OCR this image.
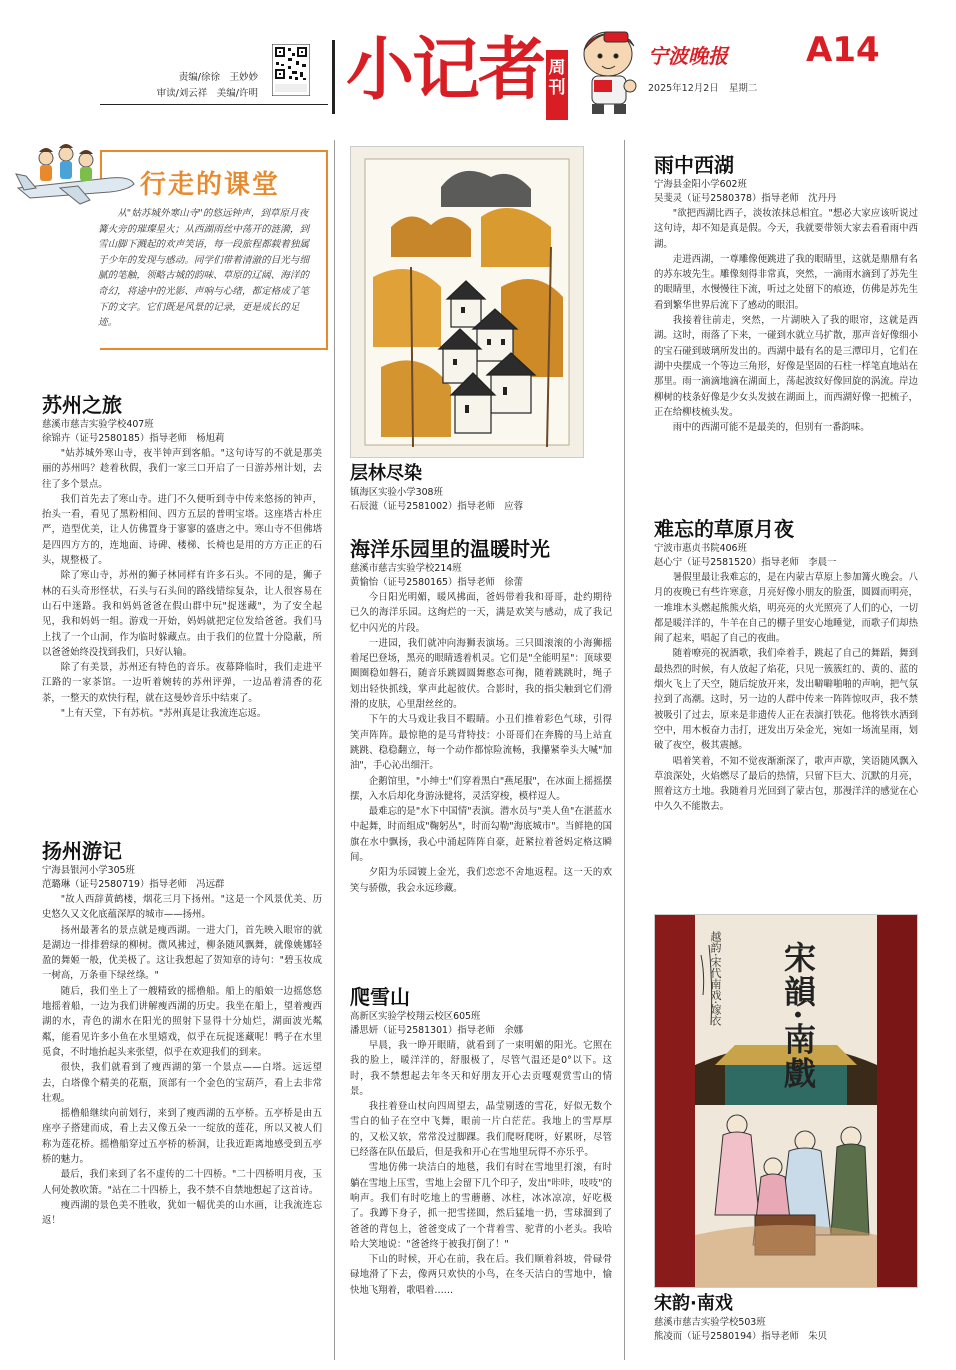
责编/徐徐　王妙妙
审读/刘云祥　美编/许明 小记者 周刊
宁波晚报
2025年12月2日 星期二
A14
行走的课堂
从"姑苏城外寒山寺"的悠远钟声，到草原月夜篝火旁的璀璨星火；从西湖雨丝中荡开的涟漪，到雪山脚下溅起的欢声笑语，每一段旅程都载着独属于少年的发现与感动。同学们带着清澈的目光与细腻的笔触，领略古城的韵味、草原的辽阔、海洋的奇幻，将途中的光影、声响与心绪，都定格成了笔下的文字。它们既是风景的记录，更是成长的足迹。
苏州之旅
慈溪市慈吉实验学校407班
徐锦卉（证号2580185）指导老师　杨旭莉

"姑苏城外寒山寺，夜半钟声到客船。"这句诗写的不就是那美丽的苏州吗？趁着秋假，我们一家三口开启了一日游苏州计划，去往了多个景点。

我们首先去了寒山寺。进门不久便听到寺中传来悠扬的钟声，抬头一看，看见了黑粉相间、四方五层的普明宝塔。这座塔古朴庄严，造型优美，让人仿佛置身于寥寥的盛唐之中。寒山寺不但佛塔是四四方方的，连地面、诗碑、楼梯、长椅也是用的方方正正的石头，规整极了。

除了寒山寺，苏州的狮子林同样有许多石头。不同的是，狮子林的石头奇形怪状，石头与石头间的路线错综复杂，让人很容易在山石中迷路。我和妈妈爸爸在假山群中玩"捉迷藏"，为了安全起见，我和妈妈一组。游戏一开始，妈妈就把定位发给爸爸。我们马上找了一个山洞，作为临时躲藏点。由于我们的位置十分隐蔽，所以爸爸始终没找到我们，只好认输。

除了有美景，苏州还有特色的音乐。夜幕降临时，我们走进平江路的一家茶馆。一边听着婉转的苏州评弹，一边品着清香的花茶，一整天的欢快行程，就在这曼妙音乐中结束了。

"上有天堂，下有苏杭。"苏州真是让我流连忘返。

扬州游记
宁海县银河小学305班
范璐琳（证号2580719）指导老师　冯远群

"故人西辞黄鹤楼，烟花三月下扬州。"这是一个风景优美、历史悠久又文化底蕴深厚的城市——扬州。

扬州最著名的景点就是瘦西湖。一进大门，首先映入眼帘的就是湖边一排排碧绿的柳树。微风拂过，柳条随风飘舞，就像姚娜轻盈的舞姬一般，优美极了。这让我想起了贺知章的诗句："碧玉妆成一树高，万条垂下绿丝绦。"

随后，我们坐上了一艘精致的摇橹船。船上的船娘一边摇悠悠地摇着船，一边为我们讲解瘦西湖的历史。我坐在船上，望着瘦西湖的水，青色的湖水在阳光的照射下显得十分灿烂，湖面波光粼粼，能看见许多小鱼在水里嬉戏，似乎在玩捉迷藏呢！鸭子在水里觅食，不时地抬起头来张望，似乎在欢迎我们的到来。

很快，我们就看到了瘦西湖的第一个景点——白塔。远远望去，白塔像个精美的花瓶，顶部有一个金色的宝葫芦，看上去非常壮观。

摇橹船继续向前划行，来到了瘦西湖的五亭桥。五亭桥是由五座亭子搭建而成，看上去又像五朵一一绽放的莲花，所以又被人们称为莲花桥。摇橹船穿过五亭桥的桥洞，让我近距离地感受到五亭桥的魅力。

最后，我们来到了名不虚传的二十四桥。"二十四桥明月夜，玉人何处教吹箫。"站在二十四桥上，我不禁不自禁地想起了这首诗。

瘦西湖的景色美不胜收，犹如一幅优美的山水画，让我流连忘返！

层林尽染
镇海区实验小学308班
石辰滋（证号2581002）指导老师　应蓉
海洋乐园里的温暖时光
慈溪市慈吉实验学校214班
黄愉怡（证号2580165）指导老师　徐蕾

今日阳光明媚，暖风拂面，爸妈带着我和哥哥，赴约期待已久的海洋乐园。这绚烂的一天，满是欢笑与感动，成了我记忆中闪光的片段。

一进园，我们就冲向海狮表演场。三只圆滚滚的小海狮摇着尾巴登场，黑亮的眼睛透着机灵。它们是"全能明星"：顶球要圈圈稳如磐石，随音乐跳圆圆舞憨态可掬，随着跳跳时，绳子划出轻快抓线，掌声此起彼伏。合影时，我的指尖触到它们滑滑的皮肤，心里甜丝丝的。

下午的大马戏让我目不暇睛。小丑们推着彩色气球，引得笑声阵阵。最惊艳的是马背特技：小哥哥们在奔腾的马上站直跳跳、稳稳翻立，每一个动作都惊险流畅，我攥紧拳头大喊"加油"，手心沁出细汗。

企鹅馆里，"小绅士"们穿着黑白"燕尾服"，在冰面上摇摇摆摆，入水后却化身游泳健将，灵活穿梭，模样逗人。

最难忘的是"水下中国情"表演。潜水员与"美人鱼"在湛蓝水中起舞，时而组成"鞠躬丛"，时而勾勒"海底城市"。当鲜艳的国旗在水中飘扬，我心中涌起阵阵自豪，赶紧拉着爸妈定格这瞬间。

夕阳为乐园镀上金光，我们恋恋不舍地返程。这一天的欢笑与骄傲，我会永远珍藏。

爬雪山
高新区实验学校翔云校区605班
潘思妍（证号2581301）指导老师　余娜

早晨，我一睁开眼睛，就看到了一束明媚的阳光。它照在我的脸上，暖洋洋的，舒服极了，尽管气温还是0°以下。这时，我不禁想起去年冬天和好朋友开心去贡嘎观赏雪山的情景。

我拄着登山杖向四周望去，晶莹剔透的雪花，好似无数个雪白的仙子在空中飞舞，眼前一片白茫茫。我地上的雪厚厚的，又松又软，常常没过脚踝。我们爬呀爬呀，好累呀，尽管已经落在队伍最后，但是我和开心在雪地里玩得不亦乐乎。

雪地仿佛一块洁白的地毯，我们有时在雪地里打滚，有时躺在雪地上压雪，雪地上会留下几个印子，发出"咔咔，吱吱"的响声。我们有时吃地上的雪蘑蘑、冰柱，冰冰凉凉，好吃极了。我蹲下身子，抓一把雪搓圆，然后猛地一扔，雪球溜到了爸爸的背包上，爸爸变成了一个背着雪、驼背的小老头。我哈哈大笑地说："爸爸终于被我打倒了！"

下山的时候，开心在前，我在后。我们顺着斜坡，骨碌骨碌地滑了下去，像两只欢快的小鸟，在冬天洁白的雪地中，愉快地飞翔着，歌唱着……

雨中西湖
宁海县金阳小学602班
吴斐灵（证号2580378）指导老师　沈丹丹

"欲把西湖比西子，淡妆浓抹总相宜。"想必大家应该听说过这句诗，却不知是真是假。今天，我就要带领大家去看看雨中西湖。

走进西湖，一尊雕像便跳进了我的眼睛里，这就是鼎鼎有名的苏东坡先生。雕像刻得非常真，突然，一滴雨水滴到了苏先生的眼睛里，水慢慢往下流，听过之处留下的痕迹，仿佛是苏先生看到繁华世界后流下了感动的眼泪。

我接着往前走，突然，一片湖映入了我的眼帘，这就是西湖。这时，雨落了下来，一碰到水就立马扩散，那声音好像细小的宝石碰到玻璃所发出的。西湖中最有名的是三潭印月，它们在湖中央摆成一个等边三角形，好像是坚固的石柱一样笔直地站在那里。雨一滴滴地滴在湖面上，荡起波纹好像回旋的涡流。岸边柳树的枝条好像是少女头发披在湖面上，而西湖好像一把梳子，正在给柳枝梳头发。

雨中的西湖可能不是最美的，但别有一番韵味。

难忘的草原月夜
宁波市惠贞书院406班
赵心宁（证号2581520）指导老师　李晨一

暑假里最让我难忘的，是在内蒙古草原上参加篝火晚会。八月的夜晚已有些许寒意，月亮好像小朋友的脸蛋，圆圆而明亮，一堆堆木头燃起熊熊火焰，明亮亮的火光照亮了人们的心，一切都是暖洋洋的，牛羊在自己的棚子里安心地睡觉，而歌子们却热闹了起来，唱起了自己的夜曲。

随着嘹亮的祝酒歌，我们牵着手，跳起了自己的舞蹈，舞到最热烈的时候，有人放起了焰花，只见一簇簇红的、黄的、蓝的烟火飞上了天空，随后绽放开来，发出噼噼啪啪的声响，把气氛拉到了高潮。这时，另一边的人群中传来一阵阵惊叹声，我不禁被吸引了过去，原来是非遗传人正在表演打铁花。他将铁水洒到空中，用木板奋力击打，迸发出万朵金光，宛如一场流星雨，划破了夜空，极其震撼。

唱着笑着，不知不觉夜渐渐深了，歌声声歇，笑语随风飘入草浪深处，火焰燃尽了最后的热情，只留下巨大、沉默的月亮，照着这方土地。我随着月光回到了蒙古包，那漫洋洋的感觉在心中久久不能散去。

宋韻·南戲
越韵·宋代南戏·嫁衣
宋韵·南戏
慈溪市慈吉实验学校503班
熊凌而（证号2580194）指导老师　朱贝
